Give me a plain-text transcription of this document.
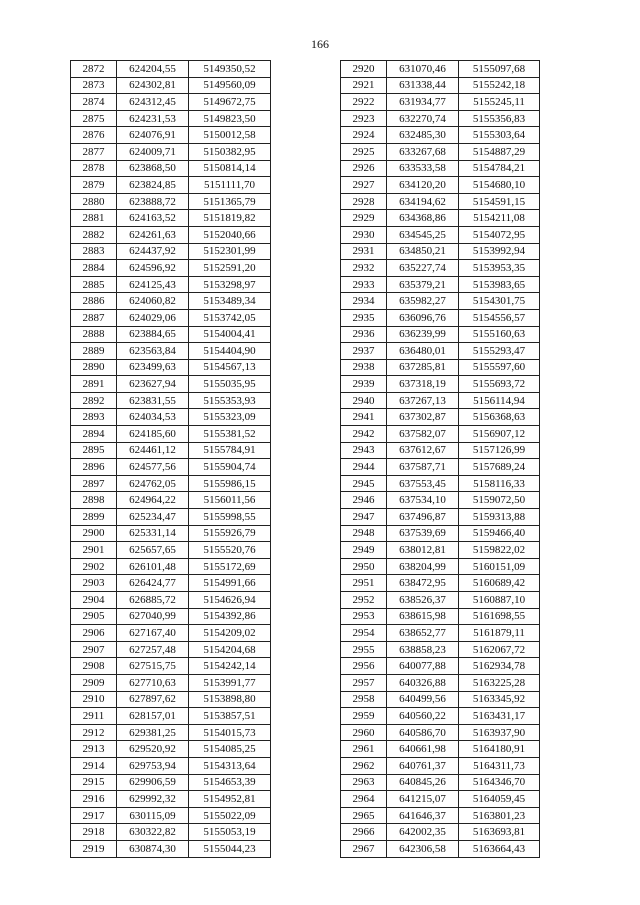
166
2872	624204,55	5149350,52
2873	624302,81	5149560,09
2874	624312,45	5149672,75
2875	624231,53	5149823,50
2876	624076,91	5150012,58
2877	624009,71	5150382,95
2878	623868,50	5150814,14
2879	623824,85	5151111,70
2880	623888,72	5151365,79
2881	624163,52	5151819,82
2882	624261,63	5152040,66
2883	624437,92	5152301,99
2884	624596,92	5152591,20
2885	624125,43	5153298,97
2886	624060,82	5153489,34
2887	624029,06	5153742,05
2888	623884,65	5154004,41
2889	623563,84	5154404,90
2890	623499,63	5154567,13
2891	623627,94	5155035,95
2892	623831,55	5155353,93
2893	624034,53	5155323,09
2894	624185,60	5155381,52
2895	624461,12	5155784,91
2896	624577,56	5155904,74
2897	624762,05	5155986,15
2898	624964,22	5156011,56
2899	625234,47	5155998,55
2900	625331,14	5155926,79
2901	625657,65	5155520,76
2902	626101,48	5155172,69
2903	626424,77	5154991,66
2904	626885,72	5154626,94
2905	627040,99	5154392,86
2906	627167,40	5154209,02
2907	627257,48	5154204,68
2908	627515,75	5154242,14
2909	627710,63	5153991,77
2910	627897,62	5153898,80
2911	628157,01	5153857,51
2912	629381,25	5154015,73
2913	629520,92	5154085,25
2914	629753,94	5154313,64
2915	629906,59	5154653,39
2916	629992,32	5154952,81
2917	630115,09	5155022,09
2918	630322,82	5155053,19
2919	630874,30	5155044,23
2920	631070,46	5155097,68
2921	631338,44	5155242,18
2922	631934,77	5155245,11
2923	632270,74	5155356,83
2924	632485,30	5155303,64
2925	633267,68	5154887,29
2926	633533,58	5154784,21
2927	634120,20	5154680,10
2928	634194,62	5154591,15
2929	634368,86	5154211,08
2930	634545,25	5154072,95
2931	634850,21	5153992,94
2932	635227,74	5153953,35
2933	635379,21	5153983,65
2934	635982,27	5154301,75
2935	636096,76	5154556,57
2936	636239,99	5155160,63
2937	636480,01	5155293,47
2938	637285,81	5155597,60
2939	637318,19	5155693,72
2940	637267,13	5156114,94
2941	637302,87	5156368,63
2942	637582,07	5156907,12
2943	637612,67	5157126,99
2944	637587,71	5157689,24
2945	637553,45	5158116,33
2946	637534,10	5159072,50
2947	637496,87	5159313,88
2948	637539,69	5159466,40
2949	638012,81	5159822,02
2950	638204,99	5160151,09
2951	638472,95	5160689,42
2952	638526,37	5160887,10
2953	638615,98	5161698,55
2954	638652,77	5161879,11
2955	638858,23	5162067,72
2956	640077,88	5162934,78
2957	640326,88	5163225,28
2958	640499,56	5163345,92
2959	640560,22	5163431,17
2960	640586,70	5163937,90
2961	640661,98	5164180,91
2962	640761,37	5164311,73
2963	640845,26	5164346,70
2964	641215,07	5164059,45
2965	641646,37	5163801,23
2966	642002,35	5163693,81
2967	642306,58	5163664,43
